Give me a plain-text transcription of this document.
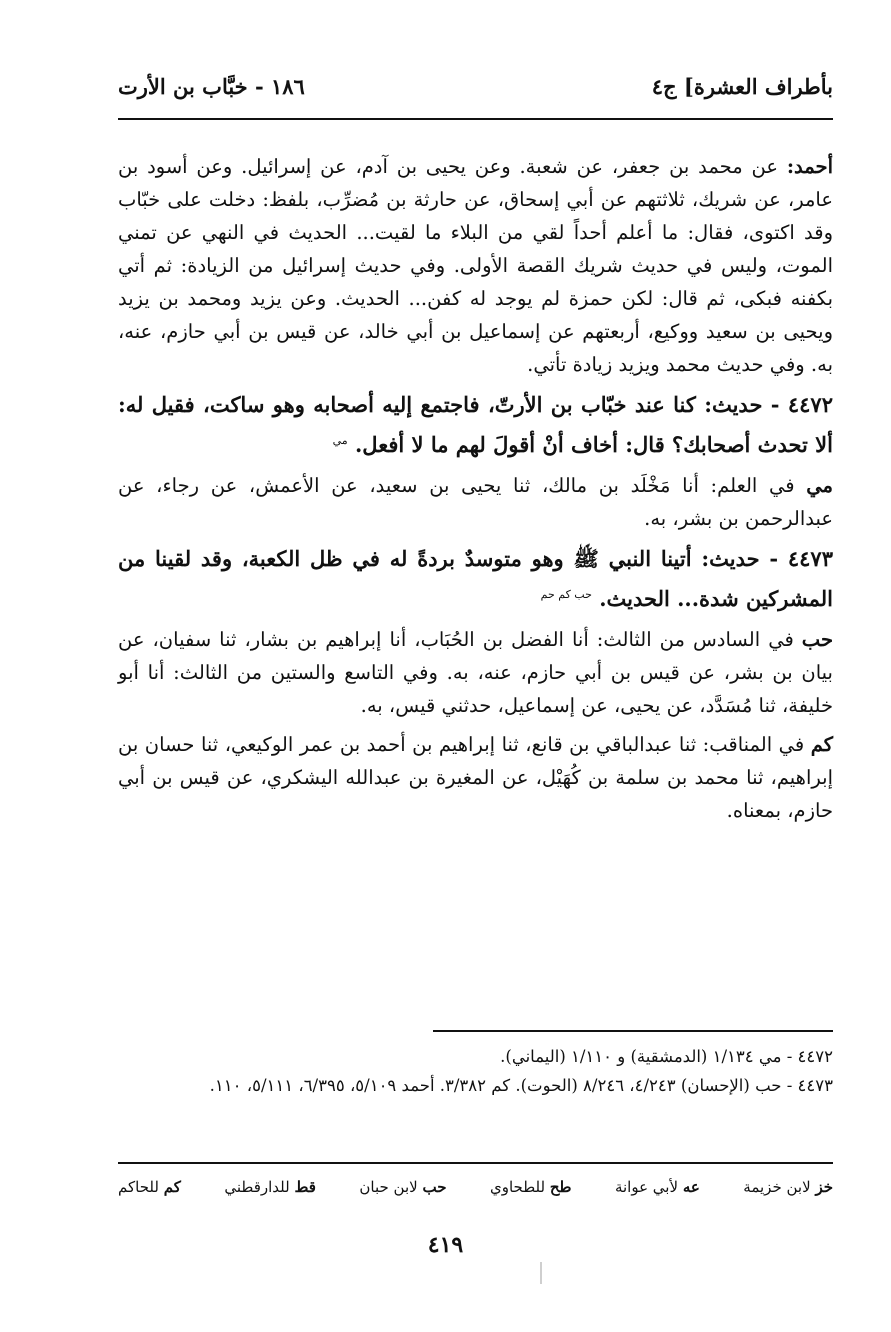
بأطراف العشرة] ج٤
١٨٦ - خبَّاب بن الأرت

أحمد: عن محمد بن جعفر، عن شعبة. وعن يحيى بن آدم، عن إسرائيل. وعن أسود بن عامر، عن شريك، ثلاثتهم عن أبي إسحاق، عن حارثة بن مُضرِّب، بلفظ: دخلت على خبّاب وقد اكتوى، فقال: ما أعلم أحداً لقي من البلاء ما لقيت... الحديث في النهي عن تمني الموت، وليس في حديث شريك القصة الأولى. وفي حديث إسرائيل من الزيادة: ثم أتي بكفنه فبكى، ثم قال: لكن حمزة لم يوجد له كفن... الحديث. وعن يزيد ومحمد بن يزيد ويحيى بن سعيد ووكيع، أربعتهم عن إسماعيل بن أبي خالد، عن قيس بن أبي حازم، عنه، به. وفي حديث محمد ويزيد زيادة تأتي.

٤٤٧٢ - حديث: كنا عند خبّاب بن الأرتّ، فاجتمع إليه أصحابه وهو ساكت، فقيل له: ألا تحدث أصحابك؟ قال: أخاف أنْ أقولَ لهم ما لا أفعل. $^{مي}$

مي في العلم: أنا مَخْلَد بن مالك، ثنا يحيى بن سعيد، عن الأعمش، عن رجاء، عن عبدالرحمن بن بشر، به.

٤٤٧٣ - حديث: أتينا النبي ﷺ وهو متوسدٌ بردةً له في ظل الكعبة، وقد لقينا من المشركين شدة... الحديث. $^{حب كم حم}$

حب في السادس من الثالث: أنا الفضل بن الحُبَاب، أنا إبراهيم بن بشار، ثنا سفيان، عن بيان بن بشر، عن قيس بن أبي حازم، عنه، به. وفي التاسع والستين من الثالث: أنا أبو خليفة، ثنا مُسَدَّد، عن يحيى، عن إسماعيل، حدثني قيس، به.

كم في المناقب: ثنا عبدالباقي بن قانع، ثنا إبراهيم بن أحمد بن عمر الوكيعي، ثنا حسان بن إبراهيم، ثنا محمد بن سلمة بن كُهَيْل، عن المغيرة بن عبدالله اليشكري، عن قيس بن أبي حازم، بمعناه.

٤٤٧٢ - مي ١/١٣٤ (الدمشقية) و ١/١١٠ (اليماني).
٤٤٧٣ - حب (الإحسان) ٤/٢٤٣، ٨/٢٤٦ (الحوت). كم ٣/٣٨٢. أحمد ٥/١٠٩، ٦/٣٩٥، ٥/١١١، ١١٠.
خز لابن خزيمة
عه لأبي عوانة
طح للطحاوي
حب لابن حبان
قط للدارقطني
كم للحاكم
٤١٩
